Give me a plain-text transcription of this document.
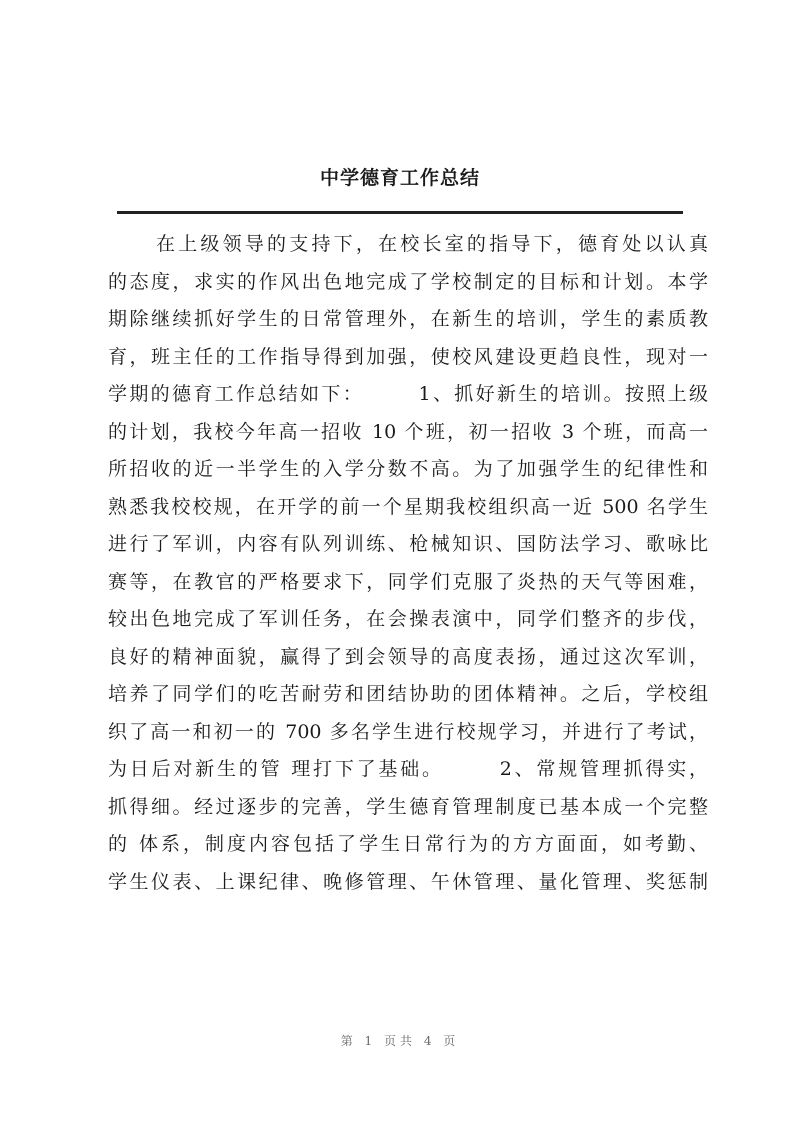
中学德育工作总结
在上级领导的支持下，在校长室的指导下，德育处以认真
的态度，求实的作风出色地完成了学校制定的目标和计划。本学
期除继续抓好学生的日常管理外，在新生的培训，学生的素质教
育，班主任的工作指导得到加强，使校风建设更趋良性，现对一
学期的德育工作总结如下：　　　1、抓好新生的培训。按照上级
的计划，我校今年高一招收 10 个班，初一招收 3 个班，而高一
所招收的近一半学生的入学分数不高。为了加强学生的纪律性和
熟悉我校校规，在开学的前一个星期我校组织高一近 500 名学生
进行了军训，内容有队列训练、枪械知识、国防法学习、歌咏比
赛等，在教官的严格要求下，同学们克服了炎热的天气等困难，
较出色地完成了军训任务，在会操表演中，同学们整齐的步伐，
良好的精神面貌，赢得了到会领导的高度表扬，通过这次军训，
培养了同学们的吃苦耐劳和团结协助的团体精神。之后，学校组
织了高一和初一的 700 多名学生进行校规学习，并进行了考试，
为日后对新生的管 理打下了基础。　　　2、常规管理抓得实，
抓得细。经过逐步的完善，学生德育管理制度已基本成一个完整
的 体系，制度内容包括了学生日常行为的方方面面，如考勤、
学生仪表、上课纪律、晚修管理、午休管理、量化管理、奖惩制
第 1 页共 4 页
